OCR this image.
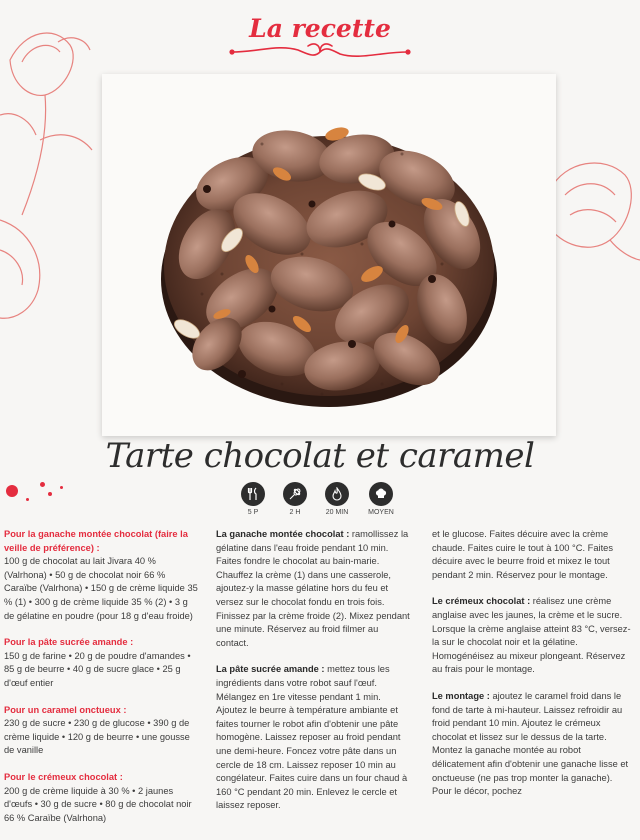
La recette
Tarte chocolat et caramel
5 P	2 H	20 MIN	MOYEN
Pour la ganache montée chocolat (faire la veille de préférence) :
100 g de chocolat au lait Jivara 40 % (Valrhona) • 50 g de chocolat noir 66 % Caraïbe (Valrhona) • 150 g de crème liquide 35 % (1) • 300 g de crème liquide 35 % (2) • 3 g de gélatine en poudre (pour 18 g d'eau froide)
Pour la pâte sucrée amande :
150 g de farine • 20 g de poudre d'amandes • 85 g de beurre • 40 g de sucre glace • 25 g d'œuf entier
Pour un caramel onctueux :
230 g de sucre • 230 g de glucose • 390 g de crème liquide • 120 g de beurre • une gousse de vanille
Pour le crémeux chocolat :
200 g de crème liquide à 30 % • 2 jaunes d'œufs • 30 g de sucre • 80 g de chocolat noir 66 % Caraïbe (Valrhona)
La ganache montée chocolat : ramollissez la gélatine dans l'eau froide pendant 10 min. Faites fondre le chocolat au bain-marie. Chauffez la crème (1) dans une casserole, ajoutez-y la masse gélatine hors du feu et versez sur le chocolat fondu en trois fois. Finissez par la crème froide (2). Mixez pendant une minute. Réservez au froid filmer au contact.
La pâte sucrée amande : mettez tous les ingrédients dans votre robot sauf l'œuf. Mélangez en 1re vitesse pendant 1 min. Ajoutez le beurre à température ambiante et faites tourner le robot afin d'obtenir une pâte homogène. Laissez reposer au froid pendant une demi-heure. Foncez votre pâte dans un cercle de 18 cm. Laissez reposer 10 min au congélateur. Faites cuire dans un four chaud à 160 °C pendant 20 min. Enlevez le cercle et laissez reposer.
et le glucose. Faites décuire avec la crème chaude. Faites cuire le tout à 100 °C. Faites décuire avec le beurre froid et mixez le tout pendant 2 min. Réservez pour le montage.
Le crémeux chocolat : réalisez une crème anglaise avec les jaunes, la crème et le sucre. Lorsque la crème anglaise atteint 83 °C, versez-la sur le chocolat noir et la gélatine. Homogénéisez au mixeur plongeant. Réservez au frais pour le montage.
Le montage : ajoutez le caramel froid dans le fond de tarte à mi-hauteur. Laissez refroidir au froid pendant 10 min. Ajoutez le crémeux chocolat et lissez sur le dessus de la tarte. Montez la ganache montée au robot délicatement afin d'obtenir une ganache lisse et onctueuse (ne pas trop monter la ganache). Pour le décor, pochez
